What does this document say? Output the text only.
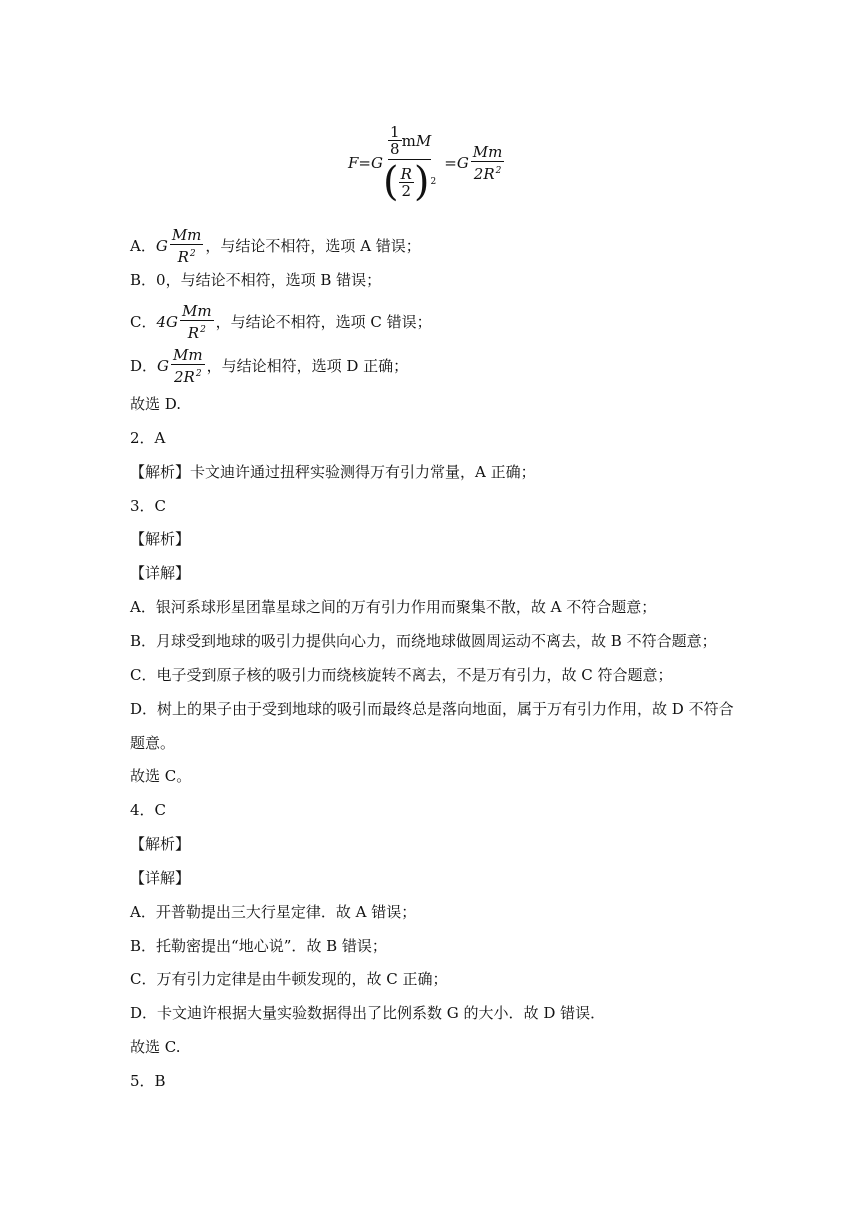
F = G $\frac{\frac{1}{8} m M}{( \frac{R}{2} ) 2} = G \frac{Mm}{2R^2}$
A． G $\frac{Mm}{R^2}$ ，与结论不相符，选项 A 错误；
B． 0，与结论不相符，选项 B 错误；
C． $4G \frac{Mm}{R^2}$ ，与结论不相符，选项 C 错误；
D． G $\frac{Mm}{2R^2}$ ，与结论相符，选项 D 正确；
故选 D.
2．A
【解析】卡文迪许通过扭秤实验测得万有引力常量，A 正确；
3．C
【解析】
【详解】
A．银河系球形星团靠星球之间的万有引力作用而聚集不散，故 A 不符合题意；
B．月球受到地球的吸引力提供向心力，而绕地球做圆周运动不离去，故 B 不符合题意；
C．电子受到原子核的吸引力而绕核旋转不离去，不是万有引力，故 C 符合题意；
D．树上的果子由于受到地球的吸引而最终总是落向地面，属于万有引力作用，故 D 不符合
题意。
故选 C。
4．C
【解析】
【详解】
A．开普勒提出三大行星定律．故 A 错误；
B．托勒密提出“地心说”．故 B 错误；
C．万有引力定律是由牛顿发现的，故 C 正确；
D．卡文迪许根据大量实验数据得出了比例系数 G 的大小．故 D 错误．
故选 C.
5．B
